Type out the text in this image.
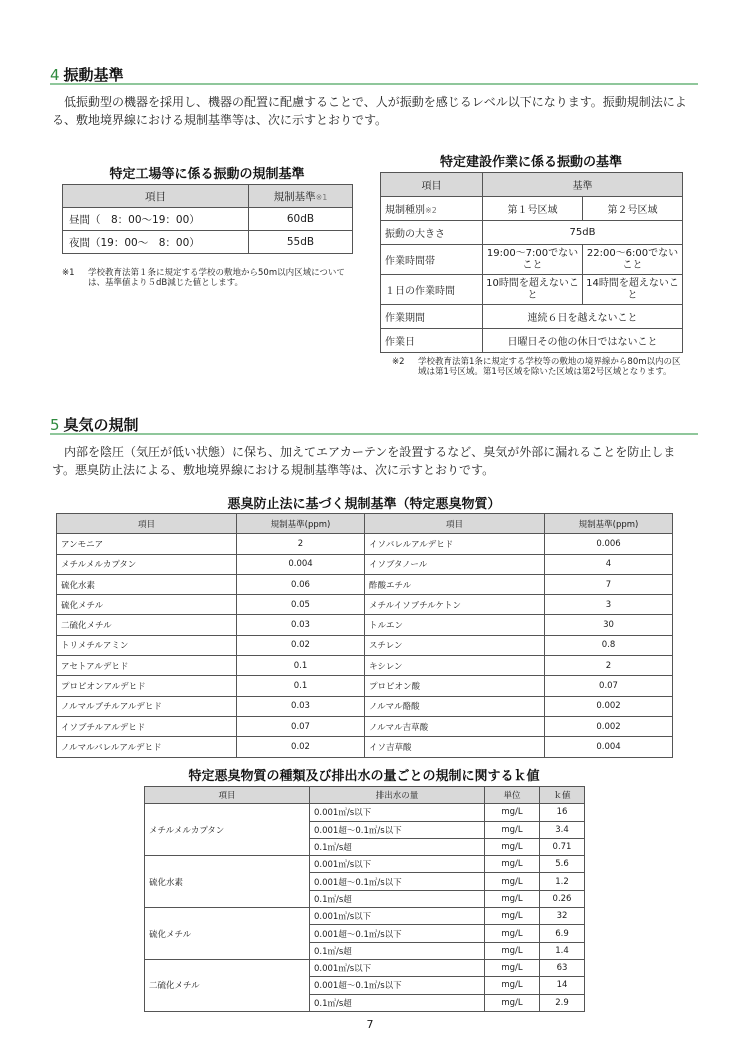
4 振動基準

低振動型の機器を採用し、機器の配置に配慮することで、人が振動を感じるレベル以下になります。振動規制法による、敷地境界線における規制基準等は、次に示すとおりです。

特定工場等に係る振動の規制基準
項目	規制基準※1
昼間（　8：00～19：00）	60dB
夜間（19：00～　8：00）	55dB
※1	学校教育法第１条に規定する学校の敷地から50m以内区域については、基準値より５dB減じた値とします。
特定建設作業に係る振動の基準
項目	基準	
規制種別※2	第１号区域	第２号区域
振動の大きさ	75dB	
作業時間帯	19:00～7:00でないこと	22:00～6:00でないこと
１日の作業時間	10時間を超えないこと	14時間を超えないこと
作業期間	連続６日を越えないこと	
作業日	日曜日その他の休日ではないこと	
※2	学校教育法第1条に規定する学校等の敷地の境界線から80m以内の区域は第1号区域。第1号区域を除いた区域は第2号区域となります。
5 臭気の規制

内部を陰圧（気圧が低い状態）に保ち、加えてエアカーテンを設置するなど、臭気が外部に漏れることを防止します。悪臭防止法による、敷地境界線における規制基準等は、次に示すとおりです。

悪臭防止法に基づく規制基準（特定悪臭物質）
項目	規制基準(ppm)	項目	規制基準(ppm)
アンモニア	2	イソバレルアルデヒド	0.006
メチルメルカプタン	0.004	イソブタノール	4
硫化水素	0.06	酢酸エチル	7
硫化メチル	0.05	メチルイソブチルケトン	3
二硫化メチル	0.03	トルエン	30
トリメチルアミン	0.02	スチレン	0.8
アセトアルデヒド	0.1	キシレン	2
プロピオンアルデヒド	0.1	プロピオン酸	0.07
ノルマルブチルアルデヒド	0.03	ノルマル酪酸	0.002
イソブチルアルデヒド	0.07	ノルマル吉草酸	0.002
ノルマルバレルアルデヒド	0.02	イソ吉草酸	0.004
特定悪臭物質の種類及び排出水の量ごとの規制に関するｋ値
項目	排出水の量	単位	ｋ値
メチルメルカプタン	0.001㎥/s以下	mg/L	16
	0.001超～0.1㎥/s以下	mg/L	3.4
	0.1㎥/s超	mg/L	0.71
硫化水素	0.001㎥/s以下	mg/L	5.6
	0.001超～0.1㎥/s以下	mg/L	1.2
	0.1㎥/s超	mg/L	0.26
硫化メチル	0.001㎥/s以下	mg/L	32
	0.001超～0.1㎥/s以下	mg/L	6.9
	0.1㎥/s超	mg/L	1.4
二硫化メチル	0.001㎥/s以下	mg/L	63
	0.001超～0.1㎥/s以下	mg/L	14
	0.1㎥/s超	mg/L	2.9
7
